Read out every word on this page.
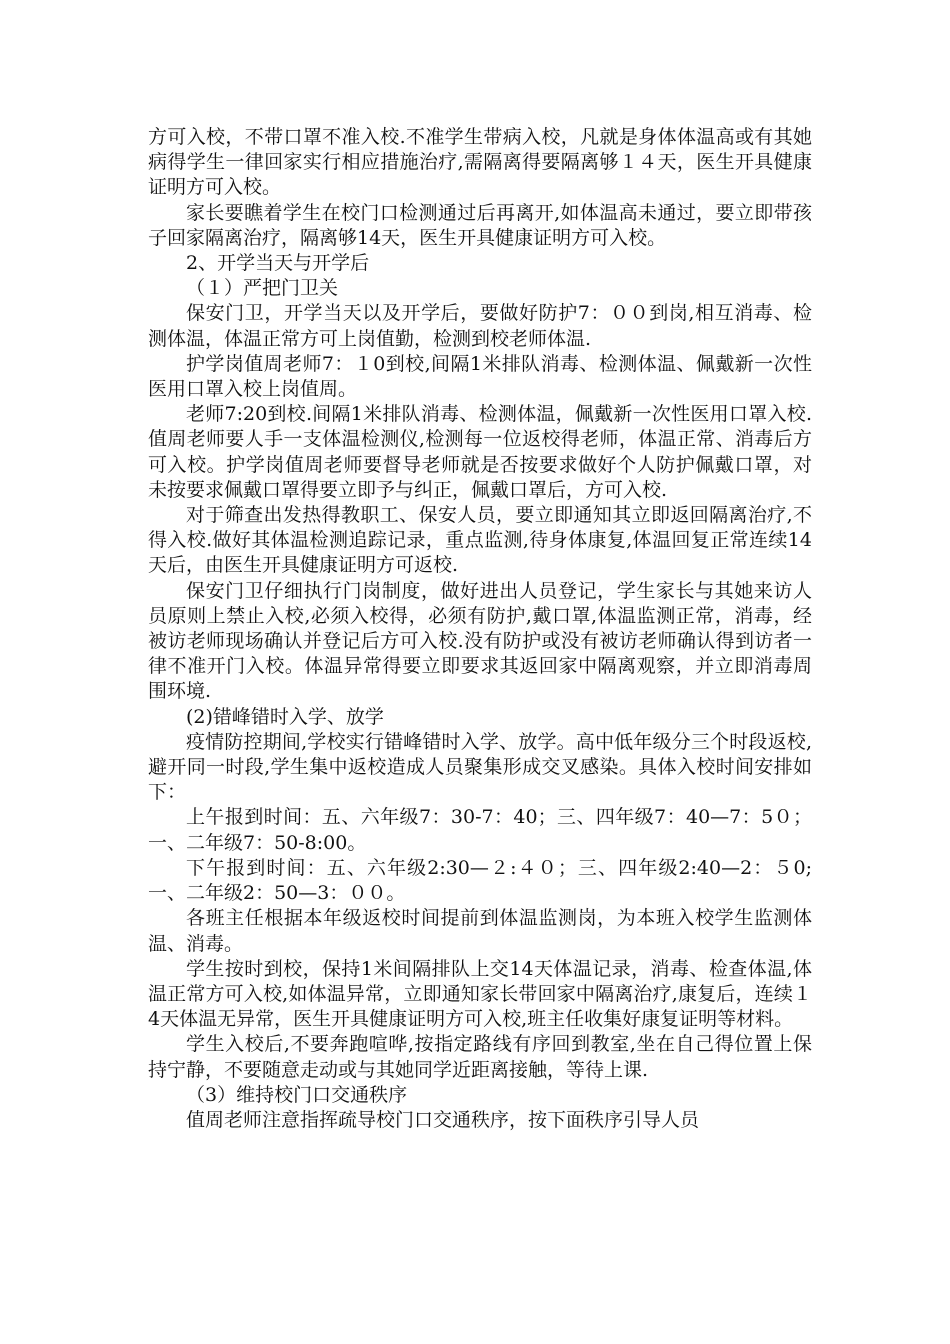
方可入校，不带口罩不准入校.不准学生带病入校，凡就是身体体温高或有其她病得学生一律回家实行相应措施治疗,需隔离得要隔离够１４天，医生开具健康证明方可入校。

家长要瞧着学生在校门口检测通过后再离开,如体温高未通过，要立即带孩子回家隔离治疗，隔离够14天，医生开具健康证明方可入校。

2、开学当天与开学后

（１）严把门卫关

保安门卫，开学当天以及开学后，要做好防护7：００到岗,相互消毒、检测体温，体温正常方可上岗值勤，检测到校老师体温.

护学岗值周老师7：１0到校,间隔1米排队消毒、检测体温、佩戴新一次性医用口罩入校上岗值周。

老师7:20到校.间隔1米排队消毒、检测体温，佩戴新一次性医用口罩入校.值周老师要人手一支体温检测仪,检测每一位返校得老师，体温正常、消毒后方可入校。护学岗值周老师要督导老师就是否按要求做好个人防护佩戴口罩，对未按要求佩戴口罩得要立即予与纠正，佩戴口罩后，方可入校.

对于筛查出发热得教职工、保安人员，要立即通知其立即返回隔离治疗,不得入校.做好其体温检测追踪记录，重点监测,待身体康复,体温回复正常连续14天后，由医生开具健康证明方可返校.

保安门卫仔细执行门岗制度，做好进出人员登记，学生家长与其她来访人员原则上禁止入校,必须入校得，必须有防护,戴口罩,体温监测正常，消毒，经被访老师现场确认并登记后方可入校.没有防护或没有被访老师确认得到访者一律不准开门入校。体温异常得要立即要求其返回家中隔离观察，并立即消毒周围环境.

(2)错峰错时入学、放学

疫情防控期间,学校实行错峰错时入学、放学。高中低年级分三个时段返校,避开同一时段,学生集中返校造成人员聚集形成交叉感染。具体入校时间安排如下：

上午报到时间：五、六年级7：30-7：40；三、四年级7：40—7：5０；一、二年级7：50-8:00。

下午报到时间：五、六年级2:30—２:４０；三、四年级2:40—2：５0;一、二年级2：50—3：００。

各班主任根据本年级返校时间提前到体温监测岗，为本班入校学生监测体温、消毒。

学生按时到校，保持1米间隔排队上交14天体温记录，消毒、检查体温,体温正常方可入校,如体温异常，立即通知家长带回家中隔离治疗,康复后，连续１4天体温无异常，医生开具健康证明方可入校,班主任收集好康复证明等材料。

学生入校后,不要奔跑喧哗,按指定路线有序回到教室,坐在自己得位置上保持宁静，不要随意走动或与其她同学近距离接触，等待上课.

（3）维持校门口交通秩序

值周老师注意指挥疏导校门口交通秩序，按下面秩序引导人员
